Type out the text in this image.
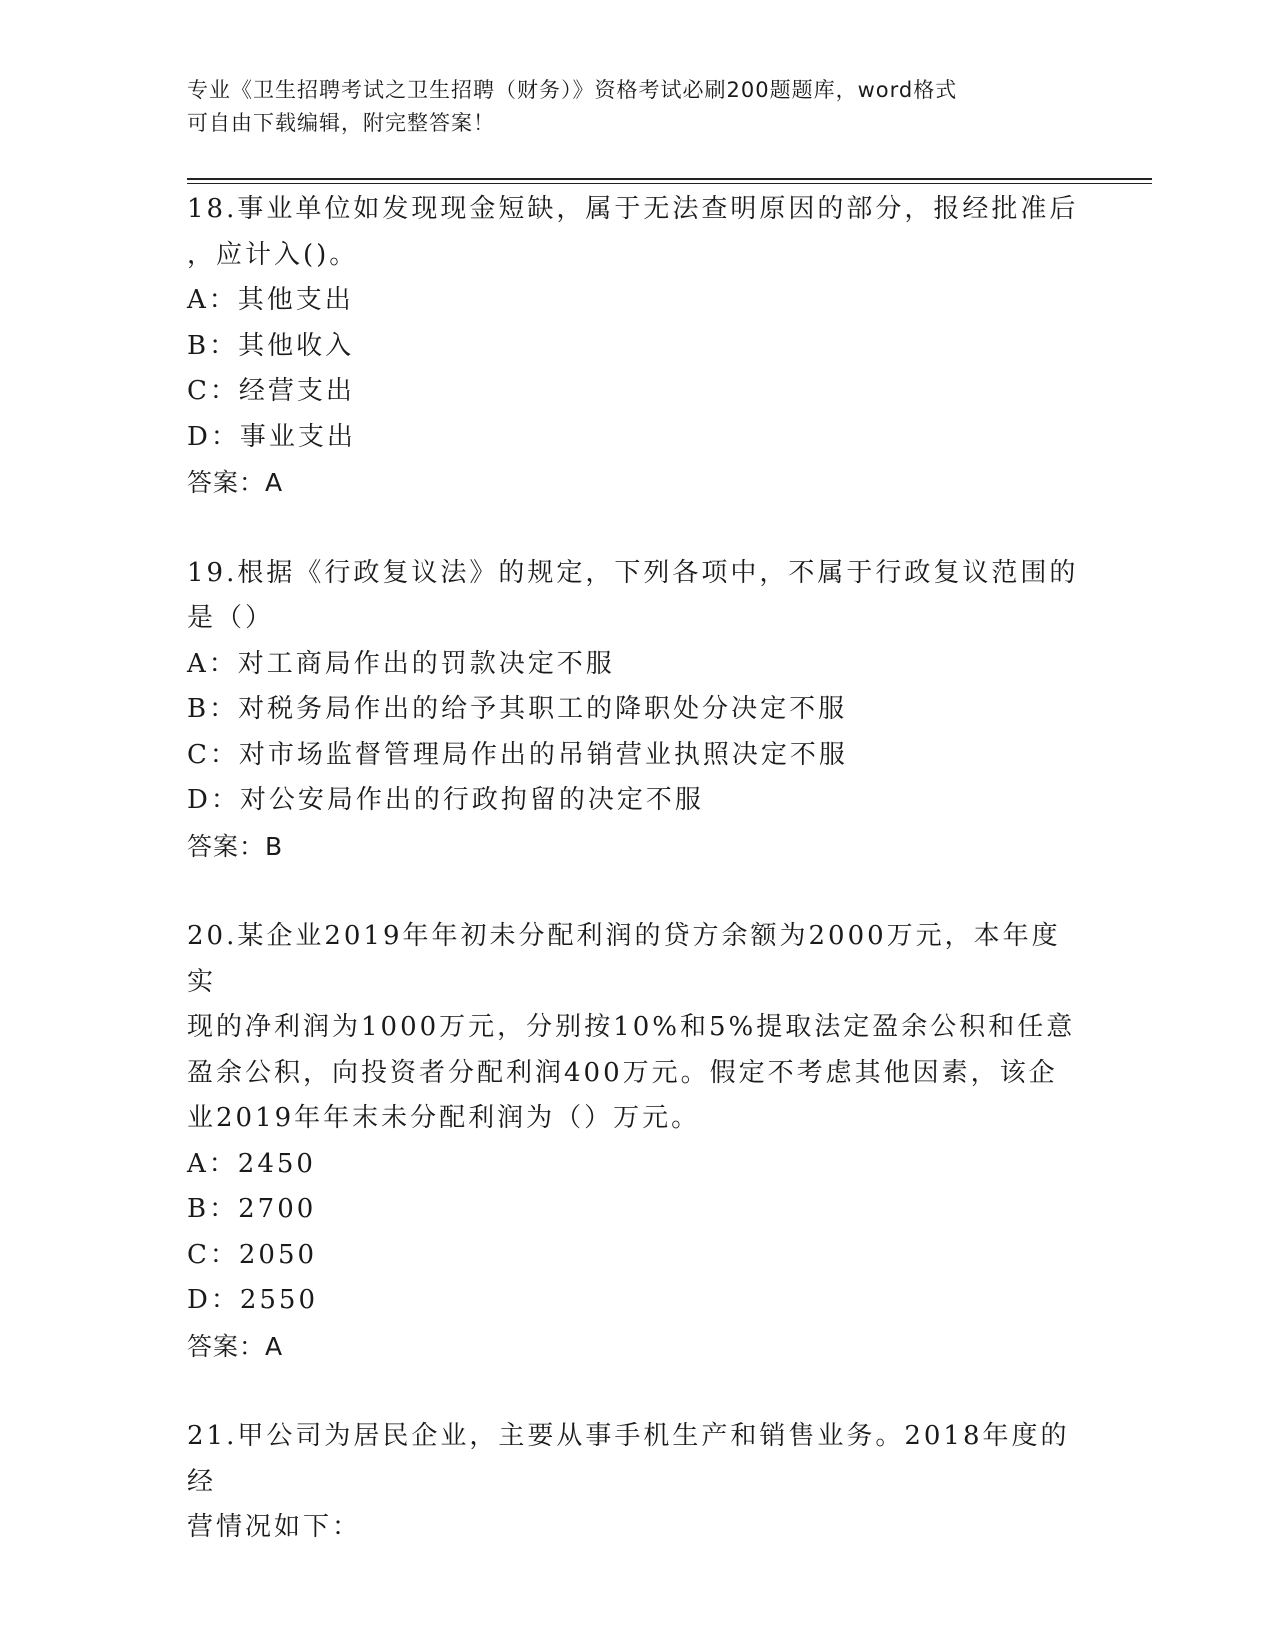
专业《卫生招聘考试之卫生招聘（财务）》资格考试必刷200题题库，word格式
可自由下载编辑，附完整答案！

18.事业单位如发现现金短缺，属于无法查明原因的部分，报经批准后

，应计入()。

A：其他支出

B：其他收入

C：经营支出

D：事业支出

答案：A

19.根据《行政复议法》的规定，下列各项中，不属于行政复议范围的

是（）

A：对工商局作出的罚款决定不服

B：对税务局作出的给予其职工的降职处分决定不服

C：对市场监督管理局作出的吊销营业执照决定不服

D：对公安局作出的行政拘留的决定不服

答案：B

20.某企业2019年年初未分配利润的贷方余额为2000万元，本年度实

现的净利润为1000万元，分别按10%和5%提取法定盈余公积和任意

盈余公积，向投资者分配利润400万元。假定不考虑其他因素，该企

业2019年年末未分配利润为（）万元。

A：2450

B：2700

C：2050

D：2550

答案：A

21.甲公司为居民企业，主要从事手机生产和销售业务。2018年度的经

营情况如下：
